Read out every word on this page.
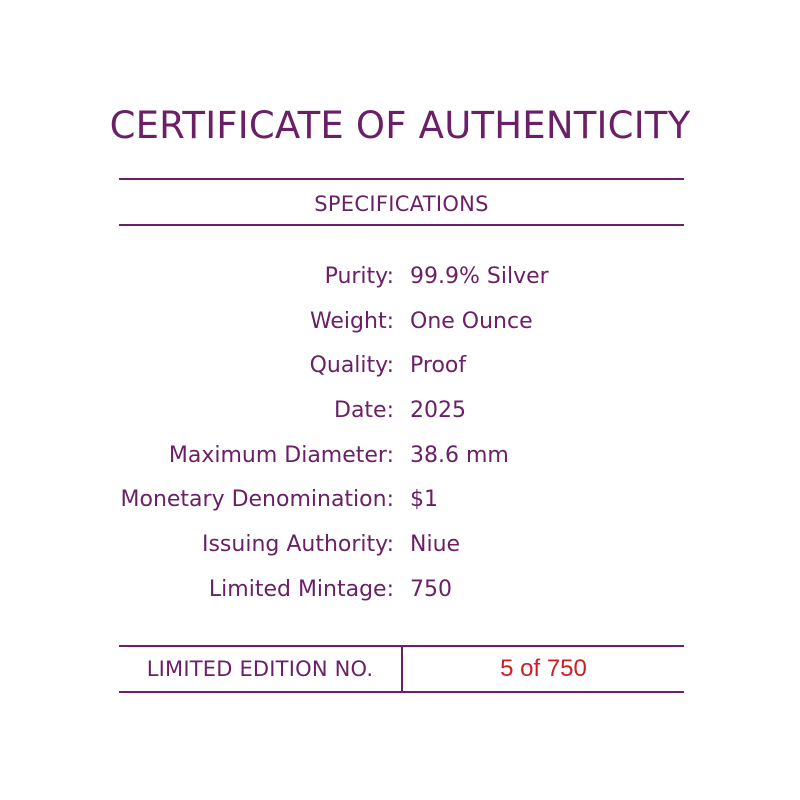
CERTIFICATE OF AUTHENTICITY
SPECIFICATIONS
Purity: 99.9% Silver
Weight: One Ounce
Quality: Proof
Date: 2025
Maximum Diameter: 38.6 mm
Monetary Denomination: $1
Issuing Authority: Niue
Limited Mintage: 750
LIMITED EDITION NO.	5 of 750
